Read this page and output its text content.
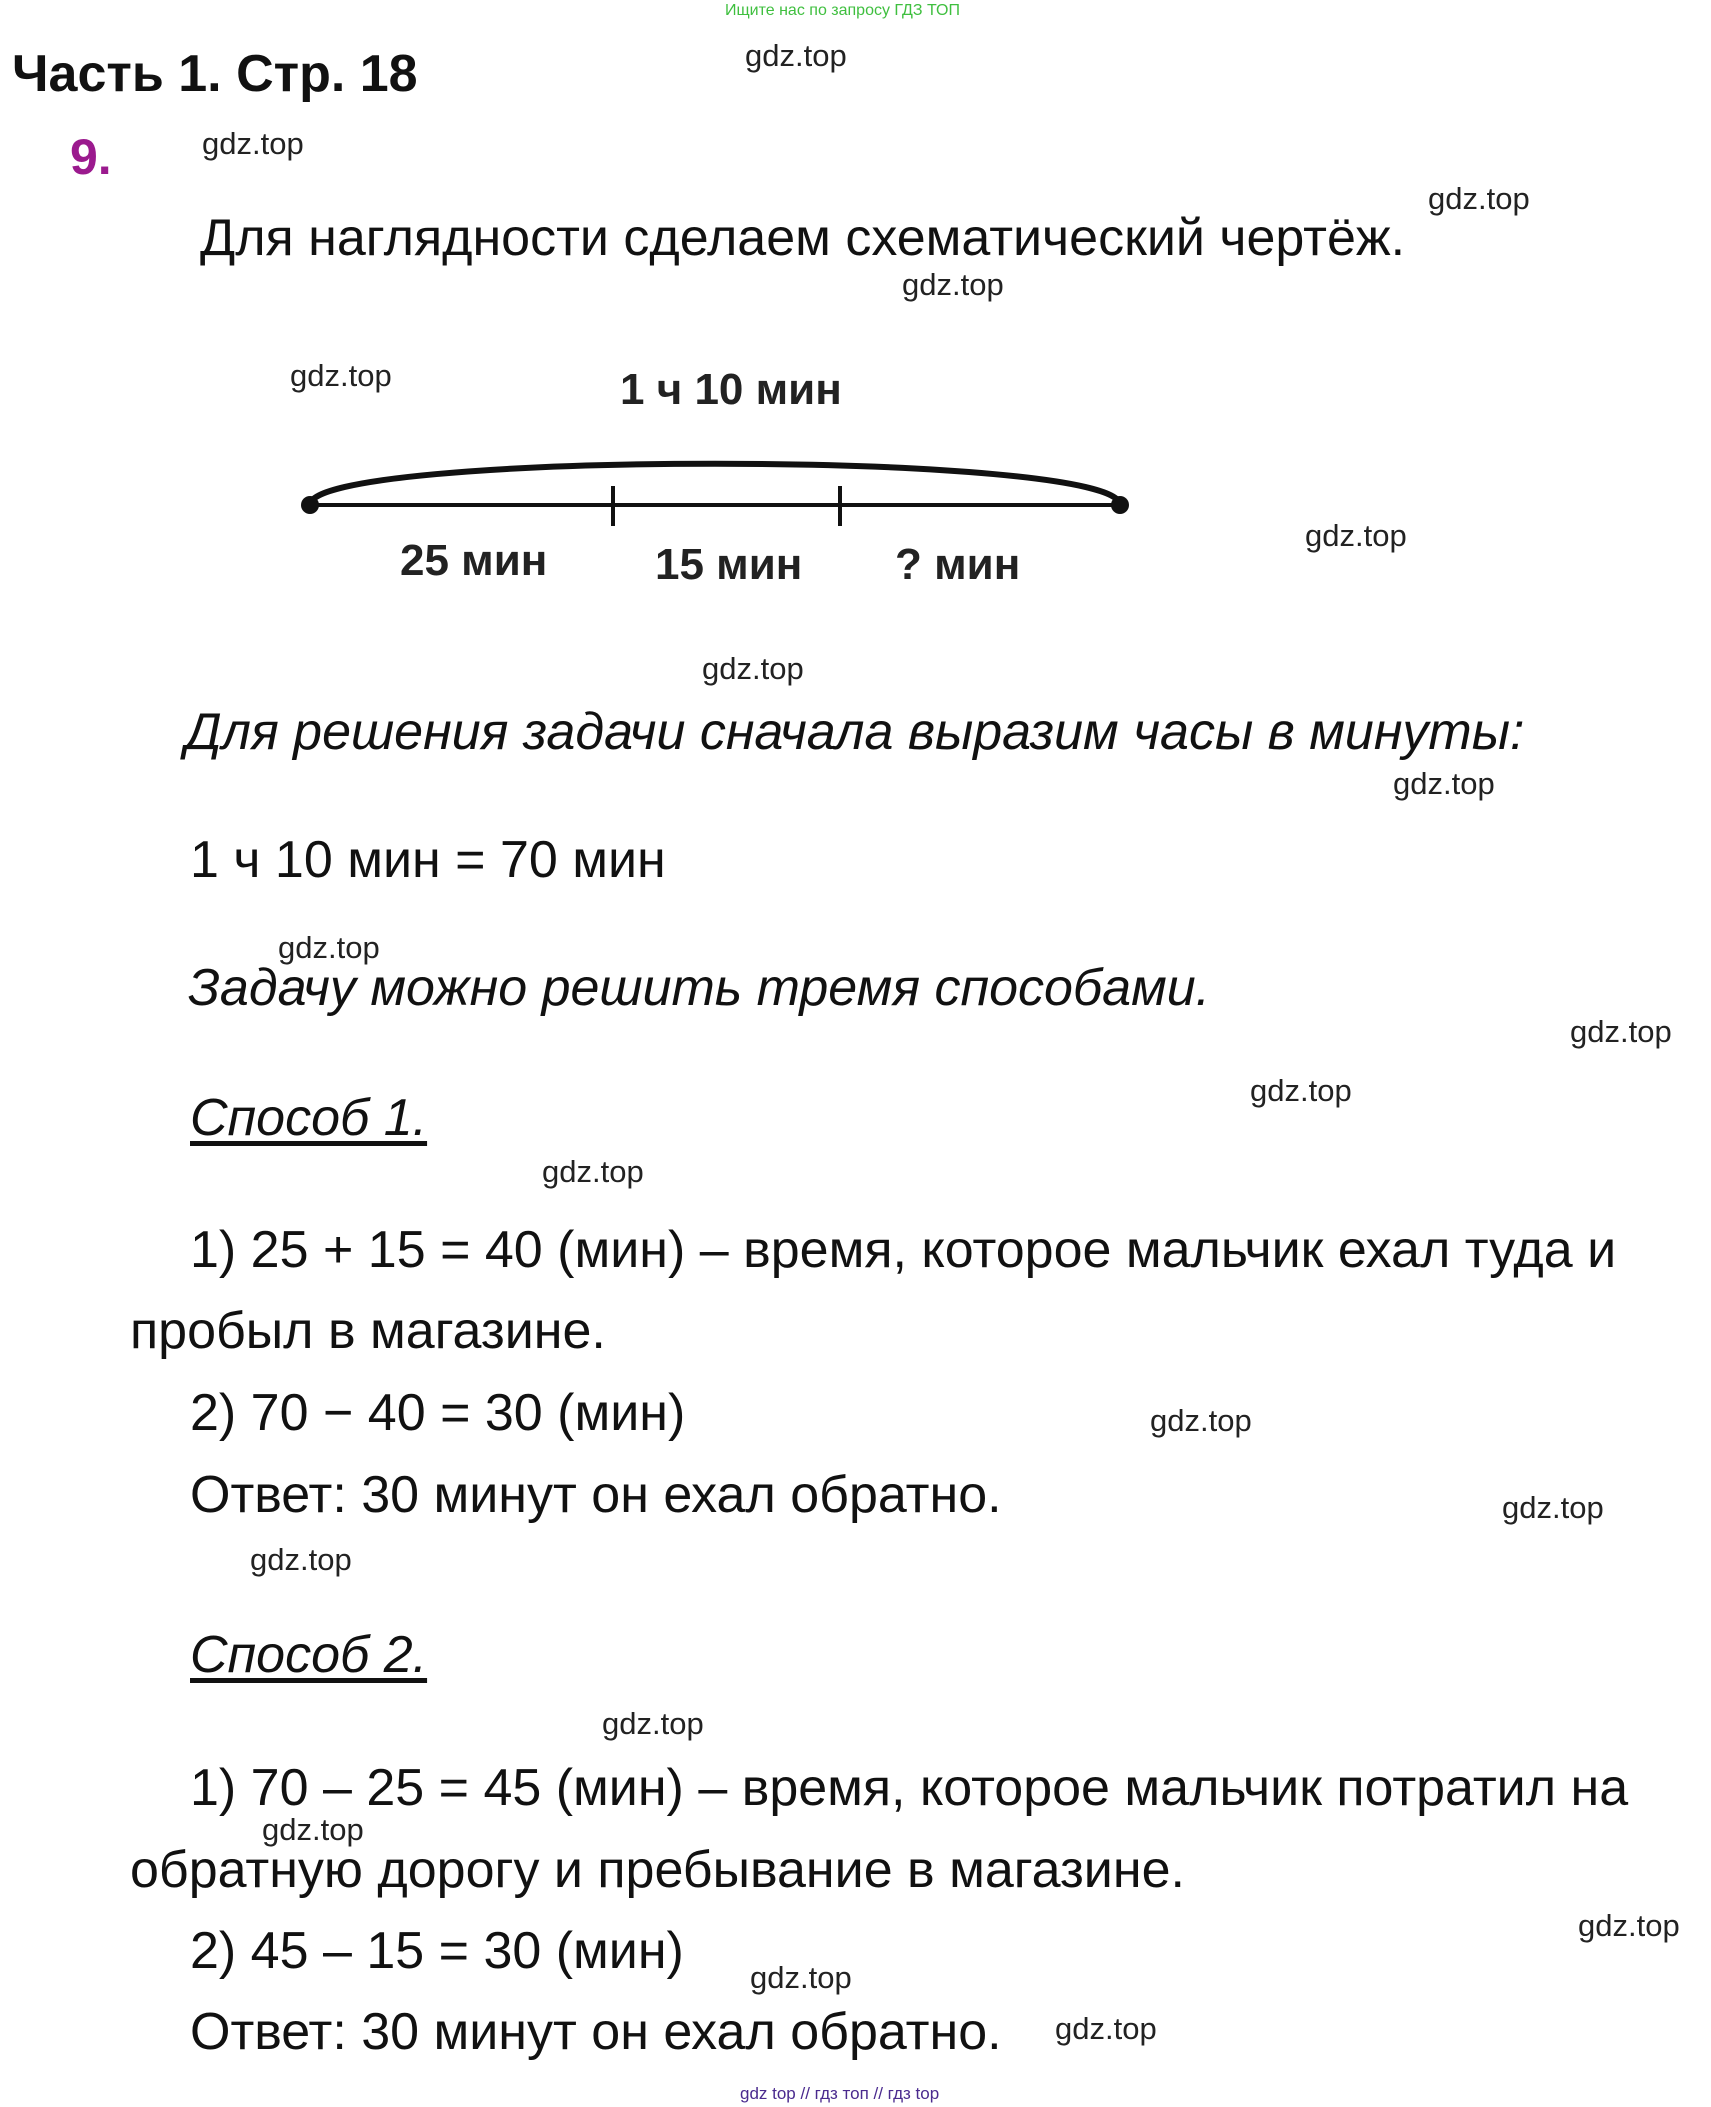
Ищите нас по запросу ГДЗ ТОП
Часть 1. Стр. 18
9.
Для наглядности сделаем схематический чертёж.
1 ч 10 мин
25 мин 15 мин ? мин
Для решения задачи сначала выразим часы в минуты:
1 ч 10 мин = 70 мин
Задачу можно решить тремя способами.
Способ 1.
1) 25 + 15 = 40 (мин) – время, которое мальчик ехал туда и
пробыл в магазине.
2) 70 − 40 = 30 (мин)
Ответ: 30 минут он ехал обратно.
Способ 2.
1) 70 – 25 = 45 (мин) – время, которое мальчик потратил на
обратную дорогу и пребывание в магазине.
2) 45 – 15 = 30 (мин)
Ответ: 30 минут он ехал обратно.
gdz.top
gdz.top
gdz.top
gdz.top
gdz.top
gdz.top
gdz.top
gdz.top
gdz.top
gdz.top
gdz.top
gdz.top
gdz.top
gdz.top
gdz.top
gdz.top
gdz.top
gdz.top
gdz.top
gdz.top
gdz top // гдз топ // гдз top
